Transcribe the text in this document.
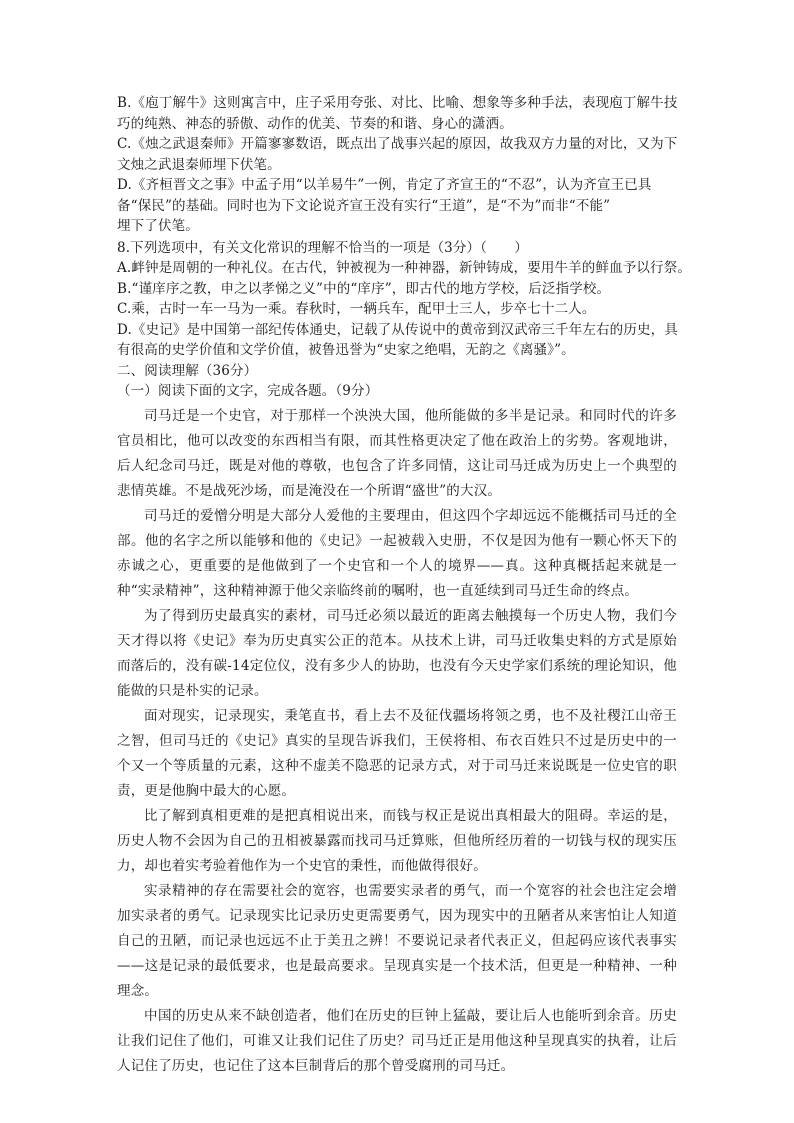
B.《庖丁解牛》这则寓言中，庄子采用夸张、对比、比喻、想象等多种手法，表现庖丁解牛技
巧的纯熟、神态的骄傲、动作的优美、节奏的和谐、身心的潇洒。
C.《烛之武退秦师》开篇寥寥数语，既点出了战事兴起的原因，故我双方力量的对比，又为下
文烛之武退秦师埋下伏笔。
D.《齐桓晋文之事》中孟子用“以羊易牛”一例，肯定了齐宣王的“不忍”，认为齐宣王已具
备“保民”的基础。同时也为下文论说齐宣王没有实行“王道”，是“不为”而非“不能”
埋下了伏笔。
8.下列选项中，有关文化常识的理解不恰当的一项是（3分）（　　）
A.衅钟是周朝的一种礼仪。在古代，钟被视为一种神器，新钟铸成，要用牛羊的鲜血予以行祭。
B.“谨庠序之教，申之以孝悌之义”中的“庠序”，即古代的地方学校，后泛指学校。
C.乘，古时一车一马为一乘。春秋时，一辆兵车，配甲士三人，步卒七十二人。
D.《史记》是中国第一部纪传体通史，记载了从传说中的黄帝到汉武帝三千年左右的历史，具
有很高的史学价值和文学价值，被鲁迅誉为“史家之绝唱，无韵之《离骚》”。
二、阅读理解（36分）
（一）阅读下面的文字，完成各题。（9分）

司马迁是一个史官，对于那样一个泱泱大国，他所能做的多半是记录。和同时代的许多官员相比，他可以改变的东西相当有限，而其性格更决定了他在政治上的劣势。客观地讲，后人纪念司马迁，既是对他的尊敬，也包含了许多同情，这让司马迁成为历史上一个典型的悲情英雄。不是战死沙场，而是淹没在一个所谓“盛世”的大汉。

司马迁的爱憎分明是大部分人爱他的主要理由，但这四个字却远远不能概括司马迁的全部。他的名字之所以能够和他的《史记》一起被载入史册，不仅是因为他有一颗心怀天下的赤诚之心，更重要的是他做到了一个史官和一个人的境界——真。这种真概括起来就是一种“实录精神”，这种精神源于他父亲临终前的嘱咐，也一直延续到司马迁生命的终点。

为了得到历史最真实的素材，司马迁必须以最近的距离去触摸每一个历史人物，我们今天才得以将《史记》奉为历史真实公正的范本。从技术上讲，司马迁收集史料的方式是原始而落后的，没有碳-14定位仪，没有多少人的协助，也没有今天史学家们系统的理论知识，他能做的只是朴实的记录。

面对现实，记录现实，秉笔直书，看上去不及征伐疆场将领之勇，也不及社稷江山帝王之智，但司马迁的《史记》真实的呈现告诉我们，王侯将相、布衣百姓只不过是历史中的一个又一个等质量的元素，这种不虚美不隐恶的记录方式，对于司马迁来说既是一位史官的职责，更是他胸中最大的心愿。

比了解到真相更难的是把真相说出来，而钱与权正是说出真相最大的阻碍。幸运的是，历史人物不会因为自己的丑相被暴露而找司马迁算账，但他所经历着的一切钱与权的现实压力，却也着实考验着他作为一个史官的秉性，而他做得很好。

实录精神的存在需要社会的宽容，也需要实录者的勇气，而一个宽容的社会也注定会增加实录者的勇气。记录现实比记录历史更需要勇气，因为现实中的丑陋者从来害怕让人知道自己的丑陋，而记录也远远不止于美丑之辨！不要说记录者代表正义，但起码应该代表事实——这是记录的最低要求，也是最高要求。呈现真实是一个技术活，但更是一种精神、一种理念。

中国的历史从来不缺创造者，他们在历史的巨钟上猛敲，要让后人也能听到余音。历史让我们记住了他们，可谁又让我们记住了历史？司马迁正是用他这种呈现真实的执着，让后人记住了历史，也记住了这本巨制背后的那个曾受腐刑的司马迁。
